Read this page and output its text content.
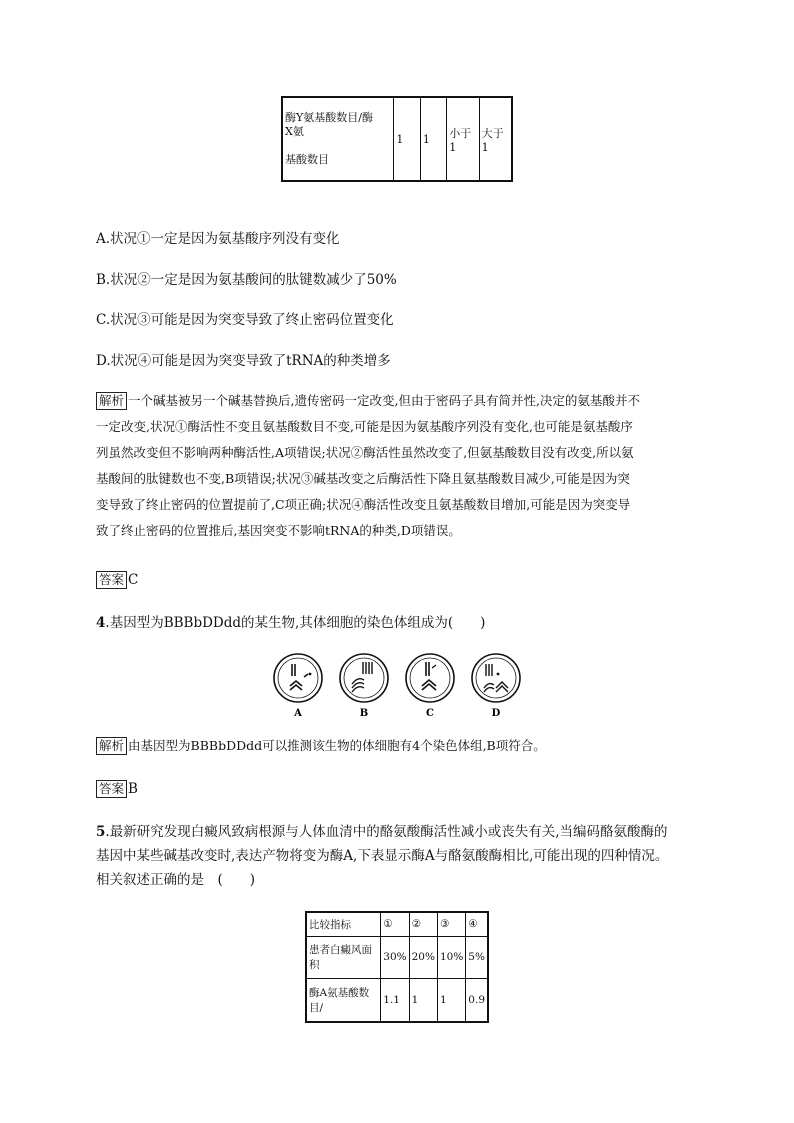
酶Y氨基酸数目/酶
X氨
基酸数目
	1	1	小于1	大于1
A.状况①一定是因为氨基酸序列没有变化
B.状况②一定是因为氨基酸间的肽键数减少了50%
C.状况③可能是因为突变导致了终止密码位置变化
D.状况④可能是因为突变导致了tRNA的种类增多
解析 一个碱基被另一个碱基替换后,遗传密码一定改变,但由于密码子具有简并性,决定的氨基酸并不
一定改变,状况①酶活性不变且氨基酸数目不变,可能是因为氨基酸序列没有变化,也可能是氨基酸序
列虽然改变但不影响两种酶活性,A项错误;状况②酶活性虽然改变了,但氨基酸数目没有改变,所以氨
基酸间的肽键数也不变,B项错误;状况③碱基改变之后酶活性下降且氨基酸数目减少,可能是因为突
变导致了终止密码的位置提前了,C项正确;状况④酶活性改变且氨基酸数目增加,可能是因为突变导
致了终止密码的位置推后,基因突变不影响tRNA的种类,D项错误。
答案 C
4.基因型为BBBbDDdd的某生物,其体细胞的染色体组成为(　　)
A	B	C	D
解析 由基因型为BBBbDDdd可以推测该生物的体细胞有4个染色体组,B项符合。
答案 B
5.最新研究发现白癜风致病根源与人体血清中的酪氨酸酶活性减小或丧失有关,当编码酪氨酸酶的
基因中某些碱基改变时,表达产物将变为酶A,下表显示酶A与酪氨酸酶相比,可能出现的四种情况。
相关叙述正确的是　(　　)
比较指标	①	②	③	④
患者白癜风面积	30%	20%	10%	5%
酶A氨基酸数目/	1.1	1	1	0.9
